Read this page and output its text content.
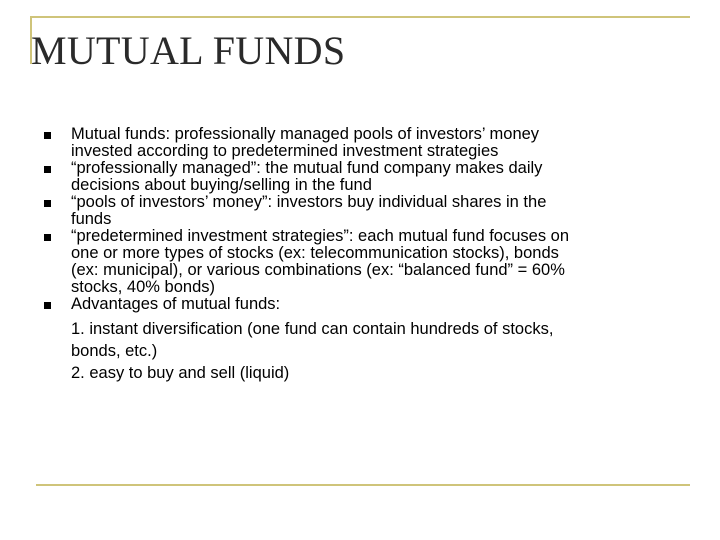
MUTUAL FUNDS
Mutual funds: professionally managed pools of investors’ money
invested according to predetermined investment strategies
“professionally managed”: the mutual fund company makes daily
decisions about buying/selling in the fund
“pools of investors’ money”: investors buy individual shares in the
funds
“predetermined investment strategies”: each mutual fund focuses on
one or more types of stocks (ex: telecommunication stocks), bonds
(ex: municipal), or various combinations (ex: “balanced fund” = 60%
stocks, 40% bonds)
Advantages of mutual funds:
1. instant diversification (one fund can contain hundreds of stocks,
bonds, etc.)
2. easy to buy and sell (liquid)
